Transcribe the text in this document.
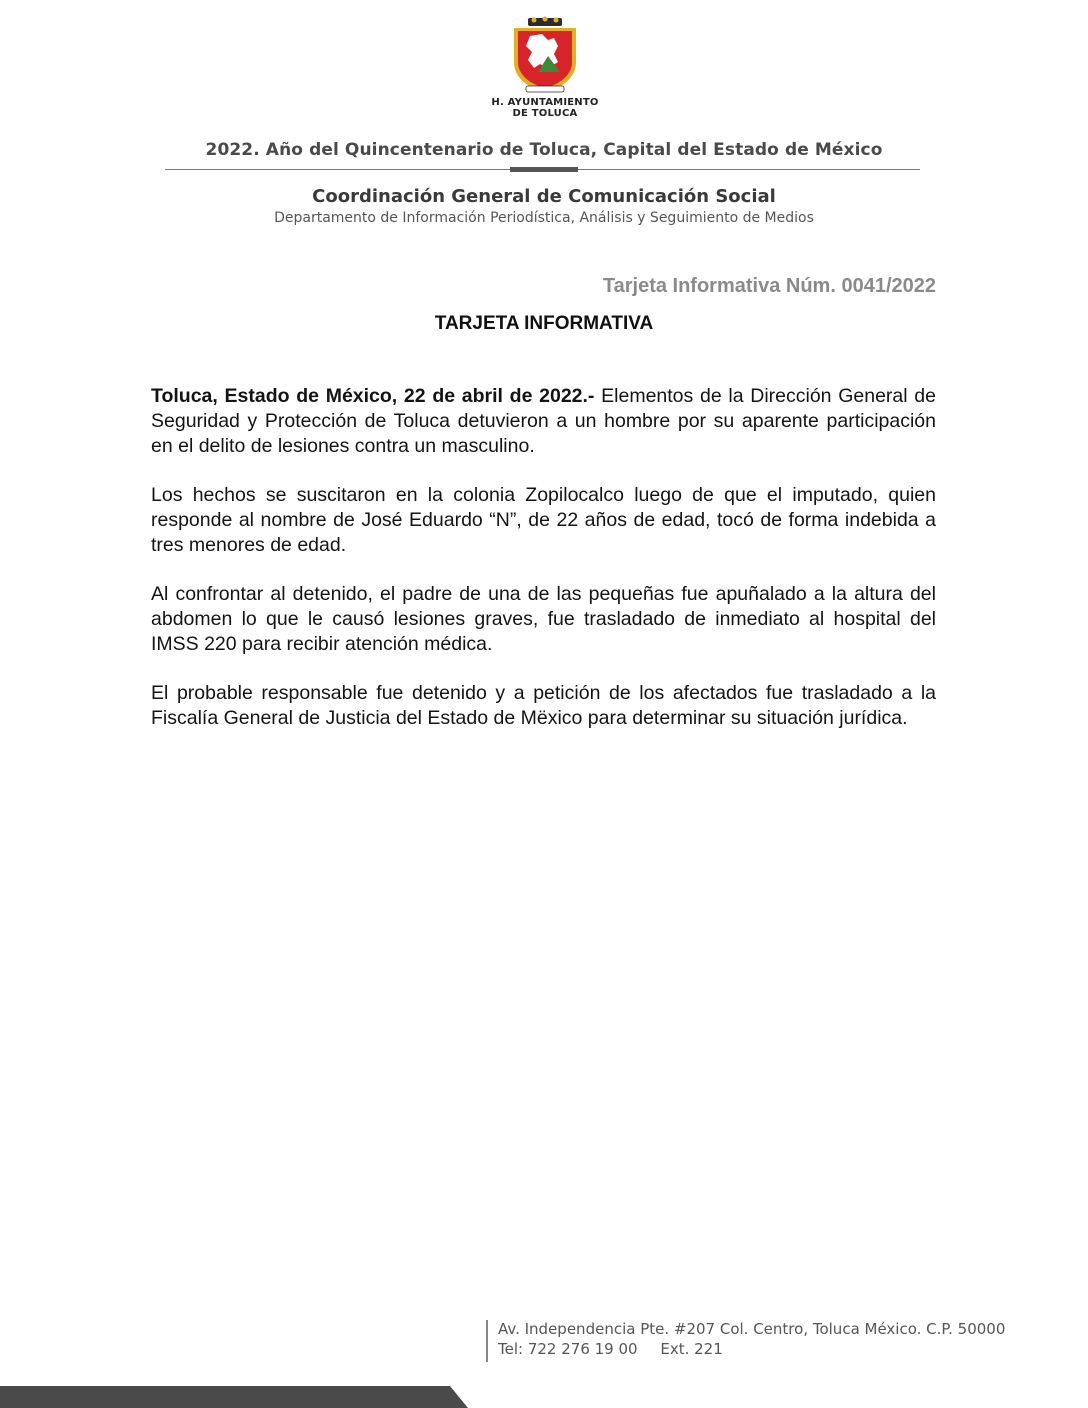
H. AYUNTAMIENTO
DE TOLUCA
2022. Año del Quincentenario de Toluca, Capital del Estado de México
Coordinación General de Comunicación Social
Departamento de Información Periodística, Análisis y Seguimiento de Medios
Tarjeta Informativa Núm. 0041/2022
TARJETA INFORMATIVA

Toluca, Estado de México, 22 de abril de 2022.- Elementos de la Dirección General de Seguridad y Protección de Toluca detuvieron a un hombre por su aparente participación en el delito de lesiones contra un masculino.

Los hechos se suscitaron en la colonia Zopilocalco luego de que el imputado, quien responde al nombre de José Eduardo “N”, de 22 años de edad, tocó de forma indebida a tres menores de edad.

Al confrontar al detenido, el padre de una de las pequeñas fue apuñalado a la altura del abdomen lo que le causó lesiones graves, fue trasladado de inmediato al hospital del IMSS 220 para recibir atención médica.

El probable responsable fue detenido y a petición de los afectados fue trasladado a la Fiscalía General de Justicia del Estado de Mëxico para determinar su situación jurídica.

Av. Independencia Pte. #207 Col. Centro, Toluca México. C.P. 50000
Tel: 722 276 19 00 Ext. 221
